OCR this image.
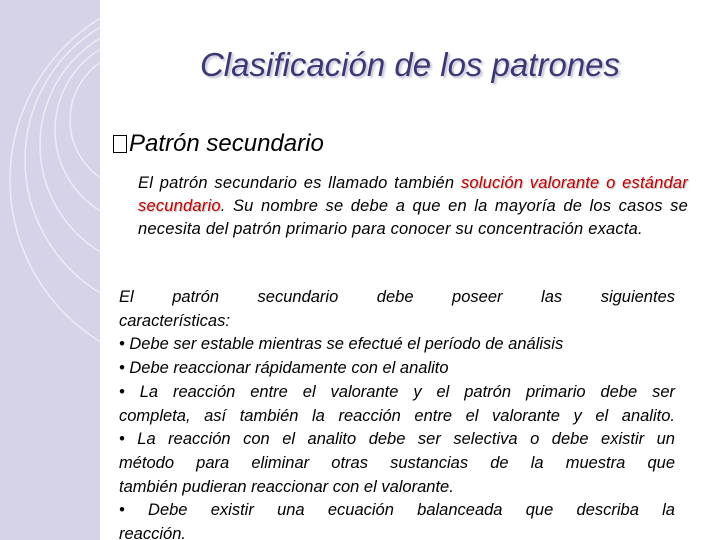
Clasificación de los patrones
Patrón secundario
El patrón secundario es llamado también solución valorante o estándar secundario. Su nombre se debe a que en la mayoría de los casos se necesita del patrón primario para conocer su concentración exacta.
El patrón secundario debe poseer las siguientes
características:
• Debe ser estable mientras se efectué el período de análisis
• Debe reaccionar rápidamente con el analito
• La reacción entre el valorante y el patrón primario debe ser
completa, así también la reacción entre el valorante y el analito.
• La reacción con el analito debe ser selectiva o debe existir un
método para eliminar otras sustancias de la muestra que
también pudieran reaccionar con el valorante.
• Debe existir una ecuación balanceada que describa la
reacción.
